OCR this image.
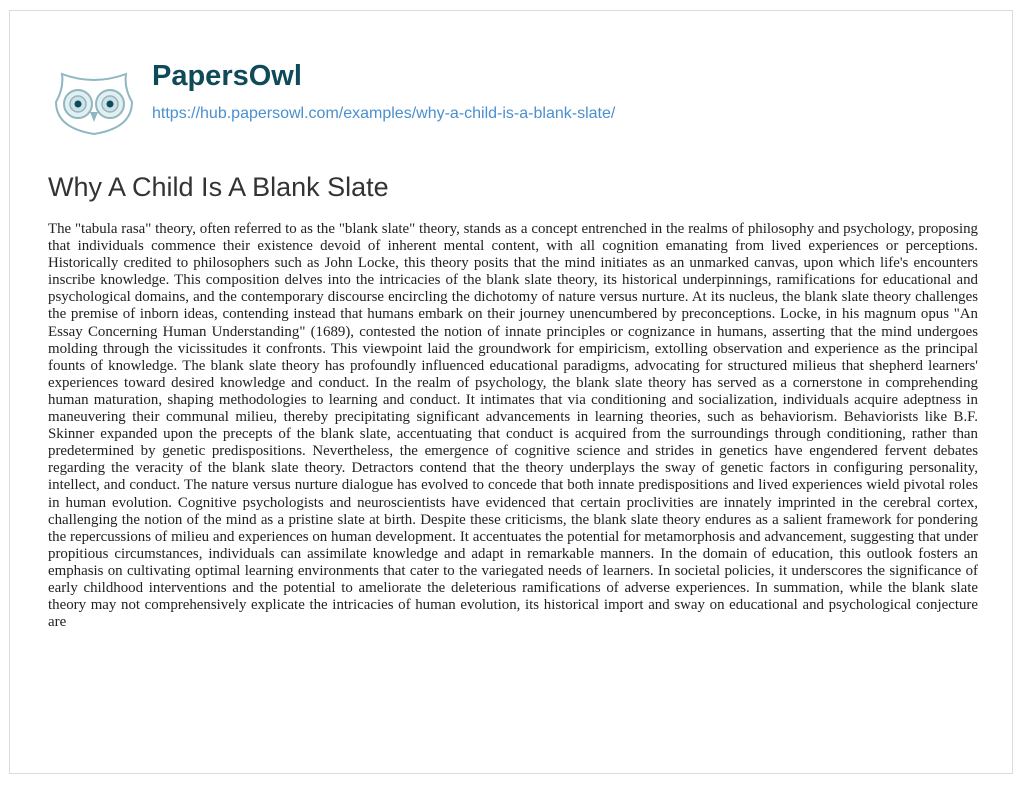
PapersOwl
https://hub.papersowl.com/examples/why-a-child-is-a-blank-slate/
Why A Child Is A Blank Slate

The "tabula rasa" theory, often referred to as the "blank slate" theory, stands as a concept entrenched in the realms of philosophy and psychology, proposing that individuals commence their existence devoid of inherent mental content, with all cognition emanating from lived experiences or perceptions. Historically credited to philosophers such as John Locke, this theory posits that the mind initiates as an unmarked canvas, upon which life's encounters inscribe knowledge. This composition delves into the intricacies of the blank slate theory, its historical underpinnings, ramifications for educational and psychological domains, and the contemporary discourse encircling the dichotomy of nature versus nurture. At its nucleus, the blank slate theory challenges the premise of inborn ideas, contending instead that humans embark on their journey unencumbered by preconceptions. Locke, in his magnum opus "An Essay Concerning Human Understanding" (1689), contested the notion of innate principles or cognizance in humans, asserting that the mind undergoes molding through the vicissitudes it confronts. This viewpoint laid the groundwork for empiricism, extolling observation and experience as the principal founts of knowledge. The blank slate theory has profoundly influenced educational paradigms, advocating for structured milieus that shepherd learners' experiences toward desired knowledge and conduct. In the realm of psychology, the blank slate theory has served as a cornerstone in comprehending human maturation, shaping methodologies to learning and conduct. It intimates that via conditioning and socialization, individuals acquire adeptness in maneuvering their communal milieu, thereby precipitating significant advancements in learning theories, such as behaviorism. Behaviorists like B.F. Skinner expanded upon the precepts of the blank slate, accentuating that conduct is acquired from the surroundings through conditioning, rather than predetermined by genetic predispositions. Nevertheless, the emergence of cognitive science and strides in genetics have engendered fervent debates regarding the veracity of the blank slate theory. Detractors contend that the theory underplays the sway of genetic factors in configuring personality, intellect, and conduct. The nature versus nurture dialogue has evolved to concede that both innate predispositions and lived experiences wield pivotal roles in human evolution. Cognitive psychologists and neuroscientists have evidenced that certain proclivities are innately imprinted in the cerebral cortex, challenging the notion of the mind as a pristine slate at birth. Despite these criticisms, the blank slate theory endures as a salient framework for pondering the repercussions of milieu and experiences on human development. It accentuates the potential for metamorphosis and advancement, suggesting that under propitious circumstances, individuals can assimilate knowledge and adapt in remarkable manners. In the domain of education, this outlook fosters an emphasis on cultivating optimal learning environments that cater to the variegated needs of learners. In societal policies, it underscores the significance of early childhood interventions and the potential to ameliorate the deleterious ramifications of adverse experiences. In summation, while the blank slate theory may not comprehensively explicate the intricacies of human evolution, its historical import and sway on educational and psychological conjecture are
